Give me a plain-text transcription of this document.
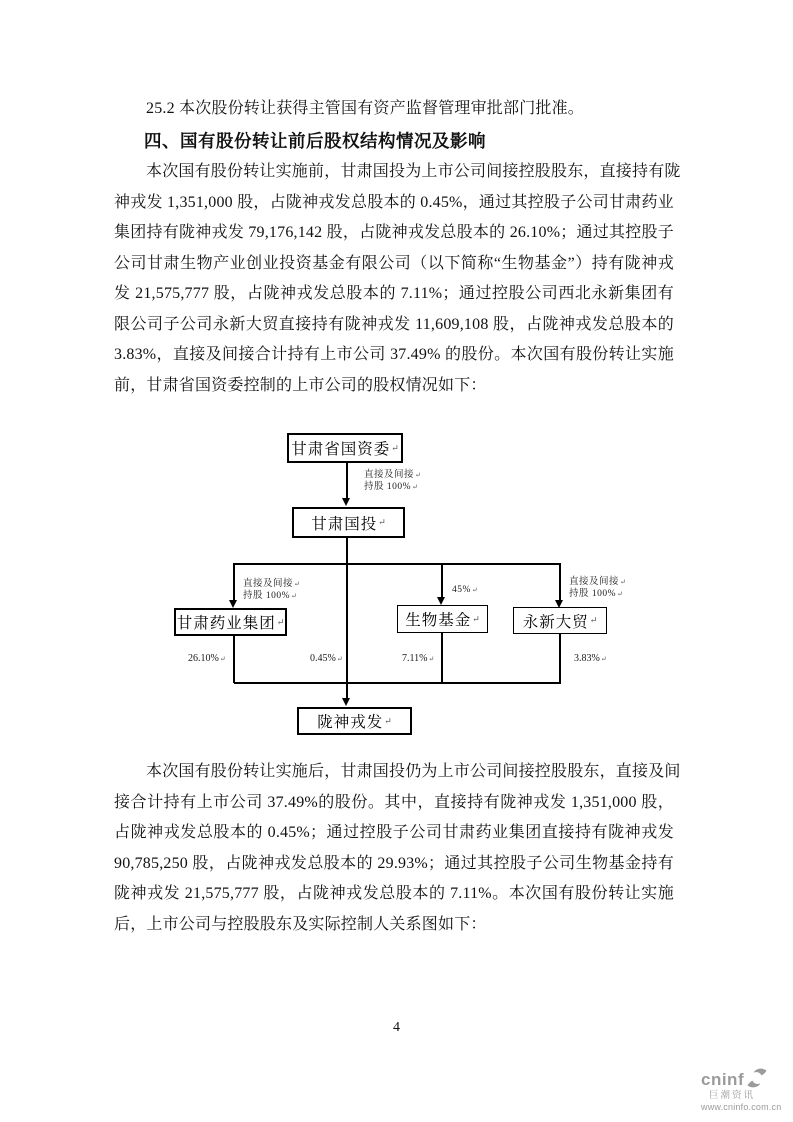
25.2 本次股份转让获得主管国有资产监督管理审批部门批准。
四、国有股份转让前后股权结构情况及影响
本次国有股份转让实施前，甘肃国投为上市公司间接控股股东，直接持有陇
神戎发 1,351,000 股，占陇神戎发总股本的 0.45%，通过其控股子公司甘肃药业
集团持有陇神戎发 79,176,142 股，占陇神戎发总股本的 26.10%；通过其控股子
公司甘肃生物产业创业投资基金有限公司（以下简称“生物基金”）持有陇神戎
发 21,575,777 股，占陇神戎发总股本的 7.11%；通过控股公司西北永新集团有
限公司子公司永新大贸直接持有陇神戎发 11,609,108 股，占陇神戎发总股本的
3.83%，直接及间接合计持有上市公司 37.49% 的股份。本次国有股份转让实施
前，甘肃省国资委控制的上市公司的股权情况如下：
甘肃省国资委 ↵
甘肃国投 ↵
甘肃药业集团 ↵	生物基金 ↵	永新大贸 ↵
陇神戎发 ↵
直接及间接↵
持股 100%↵
直接及间接↵
持股 100%↵
45%↵
直接及间接↵
持股 100%↵
26.10%↵	0.45%↵	7.11%↵	3.83%↵
本次国有股份转让实施后，甘肃国投仍为上市公司间接控股股东，直接及间
接合计持有上市公司 37.49%的股份。其中，直接持有陇神戎发 1,351,000 股，
占陇神戎发总股本的 0.45%；通过控股子公司甘肃药业集团直接持有陇神戎发
90,785,250 股，占陇神戎发总股本的 29.93%；通过其控股子公司生物基金持有
陇神戎发 21,575,777 股，占陇神戎发总股本的 7.11%。本次国有股份转让实施
后，上市公司与控股股东及实际控制人关系图如下：
4
cninf
巨潮资讯
www.cninfo.com.cn
